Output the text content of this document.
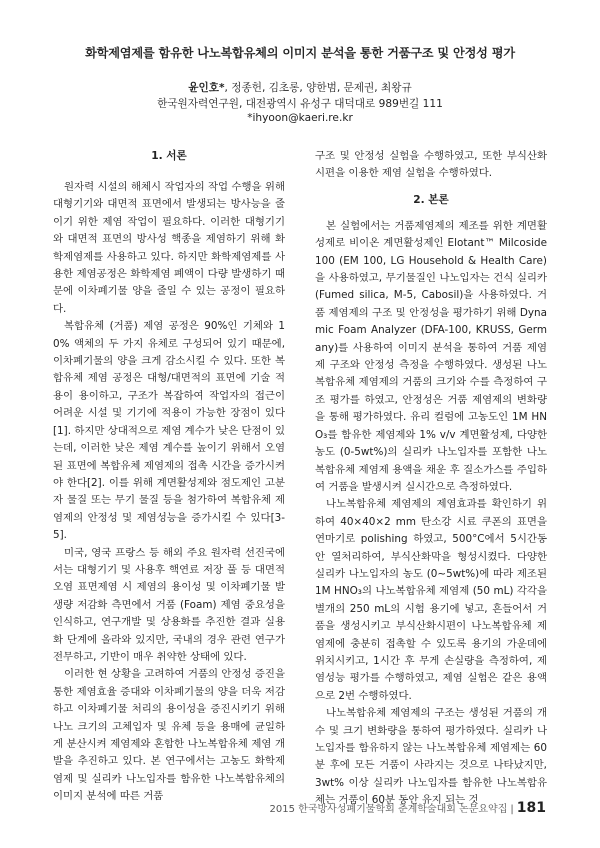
화학제염제를 함유한 나노복합유체의 이미지 분석을 통한 거품구조 및 안정성 평가
윤인호*, 정종헌, 김초롱, 양한범, 문제권, 최왕규
한국원자력연구원, 대전광역시 유성구 대덕대로 989번길 111
*ihyoon@kaeri.re.kr
1. 서론

원자력 시설의 해체시 작업자의 작업 수행을 위해 대형기기와 대면적 표면에서 발생되는 방사능을 줄이기 위한 제염 작업이 필요하다. 이러한 대형기기와 대면적 표면의 방사성 핵종을 제염하기 위해 화학제염제를 사용하고 있다. 하지만 화학제염제를 사용한 제염공정은 화학제염 폐액이 다량 발생하기 때문에 이차폐기물 양을 줄일 수 있는 공정이 필요하다.

복합유체 (거품) 제염 공정은 90%인 기체와 10% 액체의 두 가지 유체로 구성되어 있기 때문에, 이차폐기물의 양을 크게 감소시킬 수 있다. 또한 복합유체 제염 공정은 대형/대면적의 표면에 기술 적용이 용이하고, 구조가 복잡하여 작업자의 접근이 어려운 시설 및 기기에 적용이 가능한 장점이 있다[1]. 하지만 상대적으로 제염 계수가 낮은 단점이 있는데, 이러한 낮은 제염 계수를 높이기 위해서 오염된 표면에 복합유체 제염제의 접촉 시간을 증가시켜야 한다[2]. 이를 위해 계면활성제와 점도제인 고분자 물질 또는 무기 물질 등을 첨가하여 복합유체 제염제의 안정성 및 제염성능을 증가시킬 수 있다[3-5].

미국, 영국 프랑스 등 해외 주요 원자력 선진국에서는 대형기기 및 사용후 핵연료 저장 풀 등 대면적 오염 표면제염 시 제염의 용이성 및 이차폐기물 발생량 저감화 측면에서 거품 (Foam) 제염 중요성을 인식하고, 연구개발 및 상용화를 추진한 결과 실용화 단계에 올라와 있지만, 국내의 경우 관련 연구가 전무하고, 기반이 매우 취약한 상태에 있다.

이러한 현 상황을 고려하여 거품의 안정성 증진을 통한 제염효율 증대와 이차폐기물의 양을 더욱 저감하고 이차폐기물 처리의 용이성을 증진시키기 위해 나노 크기의 고체입자 및 유체 등을 용매에 균일하게 분산시켜 제염제와 혼합한 나노복합유체 제염 개발을 추진하고 있다. 본 연구에서는 고농도 화학제염제 및 실리카 나노입자를 함유한 나노복합유체의 이미지 분석에 따른 거품

구조 및 안정성 실험을 수행하였고, 또한 부식산화시편을 이용한 제염 실험을 수행하였다.

2. 본론

본 실험에서는 거품제염제의 제조를 위한 계면활성제로 비이온 계면활성제인 Elotant™ Milcoside 100 (EM 100, LG Household & Health Care)을 사용하였고, 무기물질인 나노입자는 건식 실리카 (Fumed silica, M-5, Cabosil)을 사용하였다. 거품 제염제의 구조 및 안정성을 평가하기 위해 Dynamic Foam Analyzer (DFA-100, KRUSS, Germany)를 사용하여 이미지 분석을 통하여 거품 제염제 구조와 안정성 측정을 수행하였다. 생성된 나노복합유체 제염제의 거품의 크기와 수를 측정하여 구조 평가를 하였고, 안정성은 거품 제염제의 변화량을 통해 평가하였다. 유리 컬럼에 고농도인 1M HNO₃를 함유한 제염제와 1% v/v 계면활성제, 다양한 농도 (0-5wt%)의 실리카 나노입자를 포함한 나노복합유체 제염제 용액을 채운 후 질소가스를 주입하여 거품을 발생시켜 실시간으로 측정하였다.

나노복합유체 제염제의 제염효과를 확인하기 위하여 40×40×2 mm 탄소강 시료 쿠폰의 표면을 연마기로 polishing 하였고, 500°C에서 5시간동안 열처리하여, 부식산화막을 형성시켰다. 다양한 실리카 나노입자의 농도 (0~5wt%)에 따라 제조된 1M HNO₃의 나노복합유체 제염제 (50 mL) 각각을 별개의 250 mL의 시험 용기에 넣고, 흔들어서 거품을 생성시키고 부식산화시편이 나노복합유체 제염제에 충분히 접촉할 수 있도록 용기의 가운데에 위치시키고, 1시간 후 무게 손실량을 측정하여, 제염성능 평가를 수행하였고, 제염 실험은 같은 용액으로 2번 수행하였다.

나노복합유체 제염제의 구조는 생성된 거품의 개수 및 크기 변화량을 통하여 평가하였다. 실리카 나노입자를 함유하지 않는 나노복합유체 제염제는 60분 후에 모든 거품이 사라지는 것으로 나타났지만, 3wt% 이상 실리카 나노입자를 함유한 나노복합유체는 거품이 60분 동안 유지 되는 것

2015 한국방사성폐기물학회 춘계학술대회 논문요약집 | 181
